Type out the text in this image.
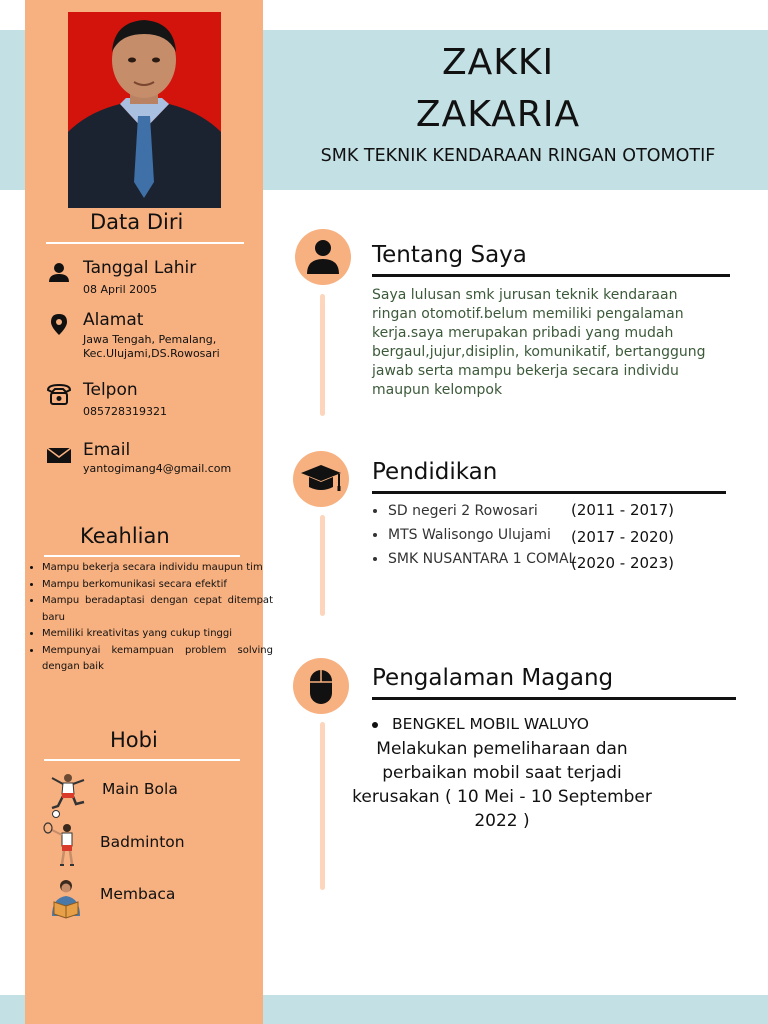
ZAKKI
ZAKARIA
SMK TEKNIK KENDARAAN RINGAN OTOMOTIF
Data Diri
Tanggal Lahir
08 April 2005
Alamat
Jawa Tengah, Pemalang,
Kec.Ulujami,DS.Rowosari
Telpon
085728319321
Email
yantogimang4@gmail.com
Keahlian
• Mampu bekerja secara individu maupun tim
• Mampu berkomunikasi secara efektif
• Mampu beradaptasi dengan cepat ditempat baru
• Memiliki kreativitas yang cukup tinggi
• Mempunyai kemampuan problem solving dengan baik
Hobi
Main Bola
Badminton
Membaca
Tentang Saya
Saya lulusan smk jurusan teknik kendaraan
ringan otomotif.belum memiliki pengalaman
kerja.saya merupakan pribadi yang mudah
bergaul,jujur,disiplin, komunikatif, bertanggung
jawab serta mampu bekerja secara individu
maupun kelompok
Pendidikan
• SD negeri 2 Rowosari
• MTS Walisongo Ulujami
• SMK NUSANTARA 1 COMAL
(2011 - 2017)
(2017 - 2020)
(2020 - 2023)
Pengalaman Magang
BENGKEL MOBIL WALUYO
Melakukan pemeliharaan dan
perbaikan mobil saat terjadi
kerusakan ( 10 Mei - 10 September
2022 )
